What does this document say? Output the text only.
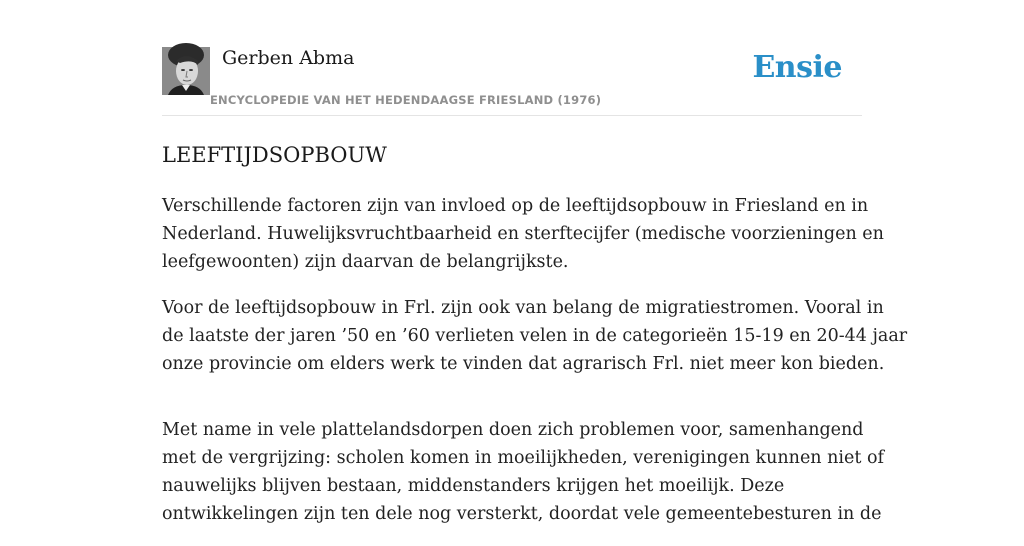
Gerben Abma
ENCYCLOPEDIE VAN HET HEDENDAAGSE FRIESLAND (1976)
Ensie
LEEFTIJDSOPBOUW

Verschillende factoren zijn van invloed op de leeftijdsopbouw in Friesland en in
Nederland. Huwelijksvruchtbaarheid en sterftecijfer (medische voorzieningen en
leefgewoonten) zijn daarvan de belangrijkste.

Voor de leeftijdsopbouw in Frl. zijn ook van belang de migratiestromen. Vooral in
de laatste der jaren ’50 en ’60 verlieten velen in de categorieën 15-19 en 20-44 jaar
onze provincie om elders werk te vinden dat agrarisch Frl. niet meer kon bieden.

Met name in vele plattelandsdorpen doen zich problemen voor, samenhangend
met de vergrijzing: scholen komen in moeilijkheden, verenigingen kunnen niet of
nauwelijks blijven bestaan, middenstanders krijgen het moeilijk. Deze
ontwikkelingen zijn ten dele nog versterkt, doordat vele gemeentebesturen in de
